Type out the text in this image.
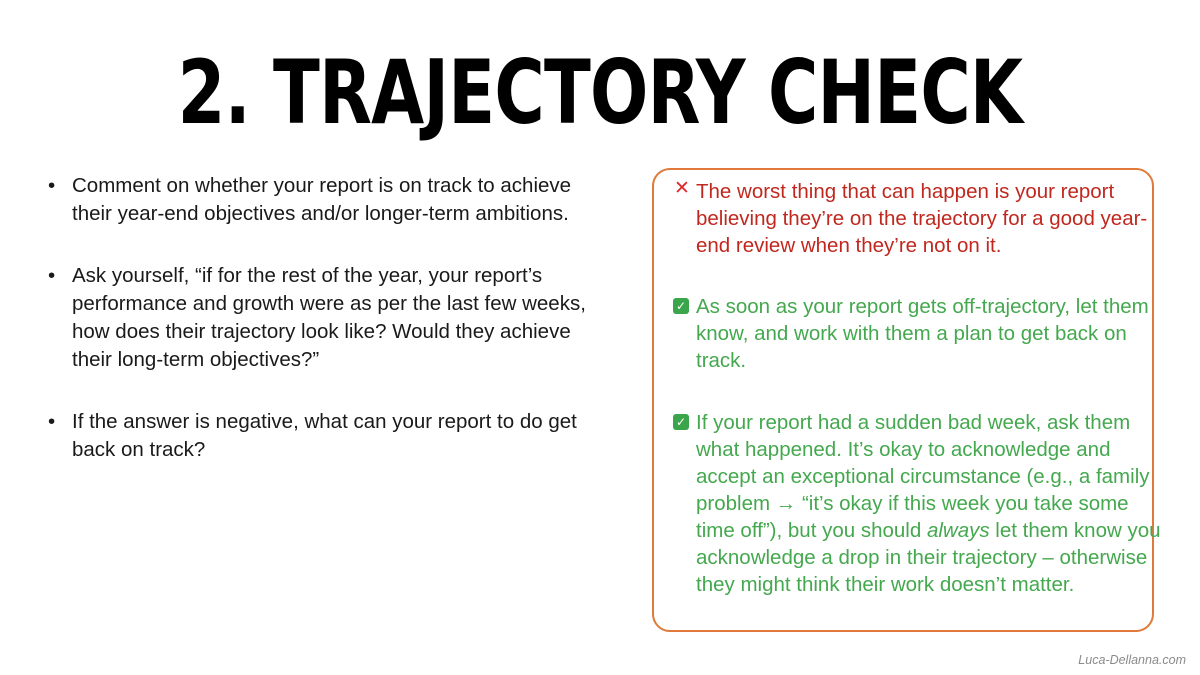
2. TRAJECTORY CHECK
• Comment on whether your report is on track to achieve their year-end objectives and/or longer-term ambitions.
• Ask yourself, “if for the rest of the year, your report’s performance and growth were as per the last few weeks, how does their trajectory look like? Would they achieve their long-term objectives?”
• If the answer is negative, what can your report to do get back on track?
✕ The worst thing that can happen is your report believing they’re on the trajectory for a good year-end review when they’re not on it.
✓ As soon as your report gets off-trajectory, let them know, and work with them a plan to get back on track.
✓ If your report had a sudden bad week, ask them what happened. It’s okay to acknowledge and accept an exceptional circumstance (e.g., a family problem → “it’s okay if this week you take some time off”), but you should always let them know you acknowledge a drop in their trajectory – otherwise they might think their work doesn’t matter.
Luca-Dellanna.com
